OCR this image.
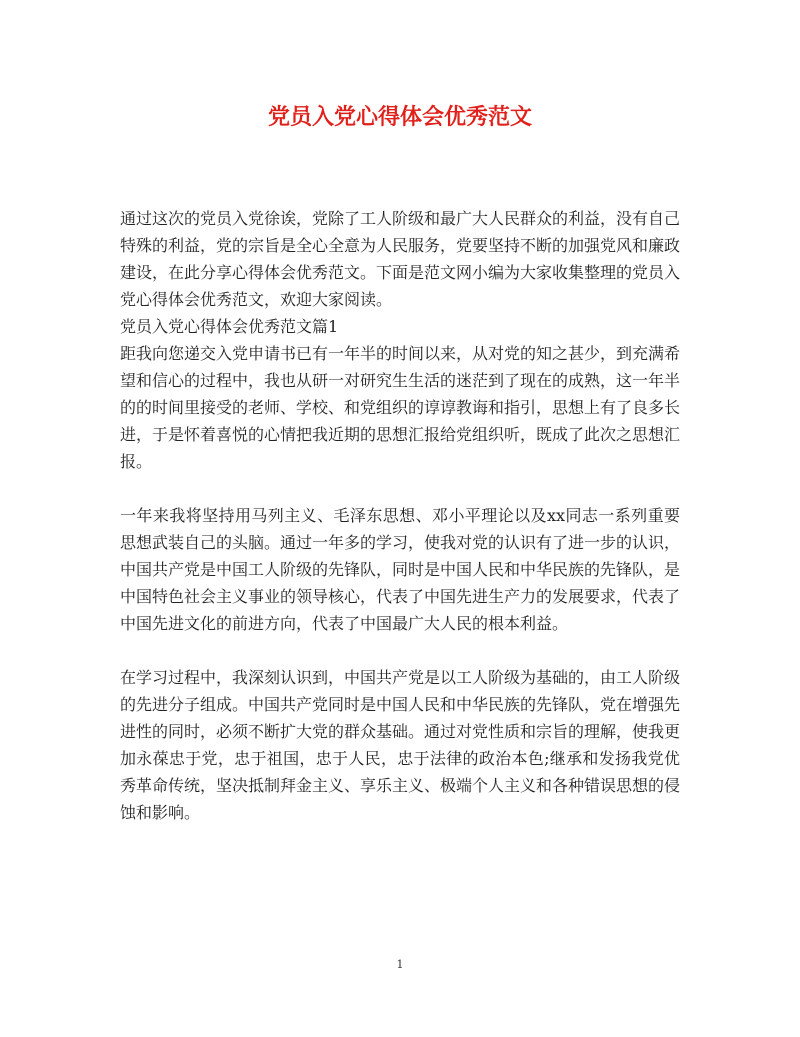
党员入党心得体会优秀范文

通过这次的党员入党徐诶，党除了工人阶级和最广大人民群众的利益，没有自己特殊的利益，党的宗旨是全心全意为人民服务，党要坚持不断的加强党风和廉政建设，在此分享心得体会优秀范文。下面是范文网小编为大家收集整理的党员入党心得体会优秀范文，欢迎大家阅读。

党员入党心得体会优秀范文篇1

距我向您递交入党申请书已有一年半的时间以来，从对党的知之甚少，到充满希望和信心的过程中，我也从研一对研究生生活的迷茫到了现在的成熟，这一年半的的时间里接受的老师、学校、和党组织的谆谆教诲和指引，思想上有了良多长进，于是怀着喜悦的心情把我近期的思想汇报给党组织听，既成了此次之思想汇报。

一年来我将坚持用马列主义、毛泽东思想、邓小平理论以及xx同志一系列重要思想武装自己的头脑。通过一年多的学习，使我对党的认识有了进一步的认识，中国共产党是中国工人阶级的先锋队，同时是中国人民和中华民族的先锋队，是中国特色社会主义事业的领导核心，代表了中国先进生产力的发展要求，代表了中国先进文化的前进方向，代表了中国最广大人民的根本利益。

在学习过程中，我深刻认识到，中国共产党是以工人阶级为基础的，由工人阶级的先进分子组成。中国共产党同时是中国人民和中华民族的先锋队，党在增强先进性的同时，必须不断扩大党的群众基础。通过对党性质和宗旨的理解，使我更加永葆忠于党，忠于祖国，忠于人民，忠于法律的政治本色;继承和发扬我党优秀革命传统，坚决抵制拜金主义、享乐主义、极端个人主义和各种错误思想的侵蚀和影响。

1
